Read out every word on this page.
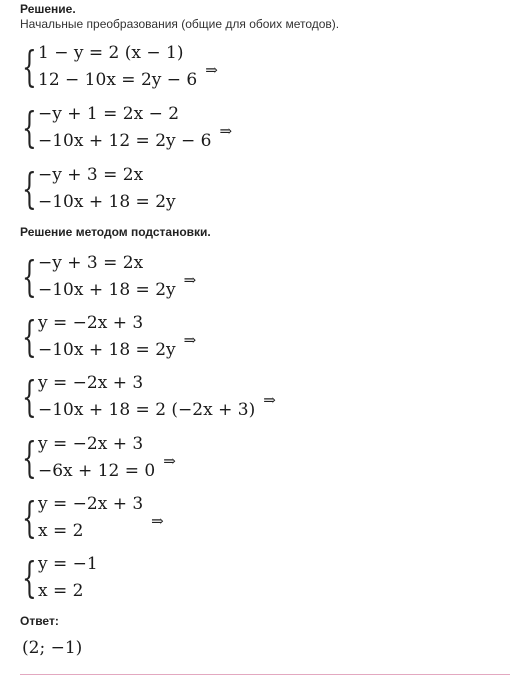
Решение.
Начальные преобразования (общие для обоих методов).
{ 1 − y = 2 (x − 1)
12 − 10x = 2y − 6 ⇒
{ −y + 1 = 2x − 2
−10x + 12 = 2y − 6 ⇒
{ −y + 3 = 2x
−10x + 18 = 2y
Решение методом подстановки.
{ −y + 3 = 2x
−10x + 18 = 2y ⇒
{ y = −2x + 3
−10x + 18 = 2y ⇒
{ y = −2x + 3
−10x + 18 = 2 (−2x + 3) ⇒
{ y = −2x + 3
−6x + 12 = 0 ⇒
{ y = −2x + 3
x = 2	⇒
{ y = −1
x = 2
Ответ:
(2; −1)
